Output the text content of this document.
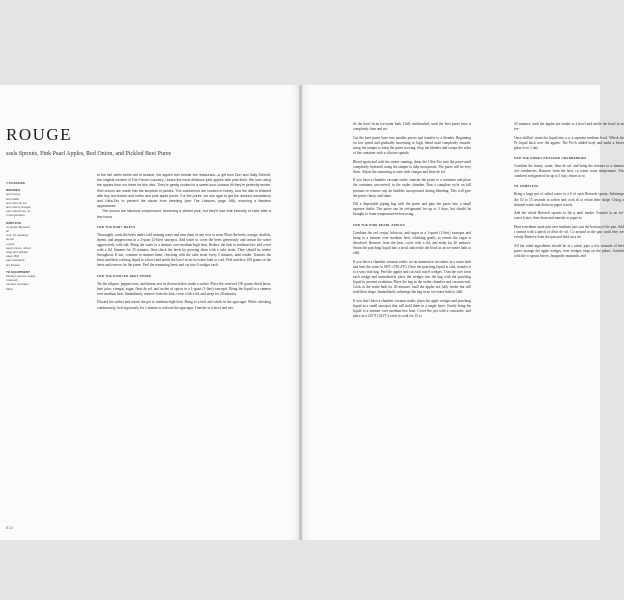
ROUGE

ssels Sprouts, Pink Pearl Apples, Red Onion, and Pickled Beet Puree

Y-POACHED
BERRIES
ams honey
ams water
ams fleur de sel
ams sherry vinegar
esh cranberries, at
m temperature
OMPLETE
ny purple Brussels
sh
d oil, for sautéing
de sel
e juice
pearl onions, sliced
rings and pickled
page 184)
ealy amaranth
ary flowers
TE EQUIPMENT
hamber vacuum sealer
(manual)
mersion circulator
bath)

In the fall, when beets are in season, the apples free beside the restaurant—a gift from Don and Sally Schmitt, the original owners of The French Laundry—bears the most delicious pink apples with pink flesh. We love using the apples from our trees for this dish. They're gently cooked in a sweet-sour cuisson till they're perfectly tender. Red onions are made into the simplest of pickles. The cranberries are cooked in honey, and the dish is finished with tiny red leaves and herbs and pink apple puree. For the puree, we use agar to get the desired consistency and Ultra-Tex to prevent the sauce from bleeding (see The Liaisons, page 198), ensuring a flawless appearance.

The onions are fabulous compressed, becoming a vibrant pink, but they'll lose that intensity of color after a few hours.

FOR THE RUBY BEETS

Thoroughly wash the beets under cold running water and trim them of any root or stem. Place the beets, orange, shallots, thyme, and peppercorns in a 2-quart (2-liter) saucepot. Add water to cover the beets generously and season the water aggressively with salt. Bring the water to a simmer over medium-high heat. Reduce the heat to medium-low and cover with a lid. Simmer for 25 minutes, then check the beets by piercing them with a cake tester. They should be tender throughout. If not, continue to simmer them, checking with the cake tester every 5 minutes, until tender. Transfer the beets and their cooking liquid to a bowl and nestle the bowl in an ice-water bath to cool. Peel and dice 100 grams of the beets and reserve for the puree. Peel the remaining beets and cut into 6 wedges each.

FOR THE PICKLED BEET PUREE

Tie the allspice, peppercorns, and lemon zest in cheesecloth to make a sachet. Place the reserved 100 grams diced beets, beet juice, vinegar, sugar, fleur de sel, and sachet of spices in a 1-quart (1-liter) saucepot. Bring the liquid to a simmer over medium heat. Immediately remove from the heat, cover with a lid, and steep for 20 minutes.

Discard the sachet and return the pot to medium-high heat. Bring to a boil and whisk in the agar-agar. While whisking continuously, boil vigorously for 1 minute to activate the agar-agar. Transfer to a bowl and nes-

8 10

tle the bowl in an ice-water bath. Chill, undisturbed, until the beet puree base is completely firm and set.

Cut the beet puree base into smaller pieces and transfer to a blender. Beginning on low speed and gradually increasing to high, blend until completely smooth, using the tamper to keep the puree moving. Stop the blender and scrape the sides of the container with a silicone spatula.

Blend again and with the motor running, shear the Ultra-Tex into the puree until completely hydrated, using the tamper to help incorporate. The puree will be very thick. Adjust the seasoning to taste with vinegar and fleur de sel.

If you have a chamber vacuum sealer, transfer the puree to a container and place the container, uncovered, in the sealer chamber. Run a complete cycle on full pressure to remove any air bubbles incorporated during blending. This will give the puree clarity and shine.

Fill a disposable piping bag with the puree and pipe the puree into a small squeeze bottle. The puree can be refrigerated for up to 2 days, but should be brought to room temperature before using.

FOR THE PINK PEARL APPLES

Combine the red verjus, hibiscus, and sugar in a 1-quart (1-liter) saucepot and bring to a simmer over medium heat, whisking gently to ensure the sugar is dissolved. Remove from the heat, cover with a lid, and steep for 20 minutes. Strain the poaching liquid into a bowl and nestle the bowl in an ice-water bath to chill.

If you have a chamber vacuum sealer, set an immersion circulator in a water bath and heat the water to 88°C (190.4°F). Once the poaching liquid is cold, transfer it to a sous vide bag. Peel the apples and cut each into 8 wedges. Trim the core from each wedge and immediately place the wedges into the bag with the poaching liquid to prevent oxidation. Place the bag in the sealer chamber and vacuum seal. Cook in the water bath for 20 minutes, until the apples are fully tender but still hold their shape. Immediately submerge the bag in an ice-water bath to chill.

If you don't have a chamber vacuum sealer, place the apple wedges and poaching liquid in a small saucepot that will hold them in a single layer. Gently bring the liquid to a simmer over medium-low heat. Cover the pot with a cartouche, and place in a 325°F (163°C) oven to cook for 15 to

20 minutes, until the apples are tender to a bowl and nestle the bowl in an ice-

Once chilled, strain the liquid into a w a separate medium bowl. Whisk the Pe liquid back over the apples. The Pre-b added body and make a better glaze fo to 1 day.

FOR THE HONEY-POACHED CRANBERRIES

Combine the honey, water, fleur de sel, and bring the mixture to a simmer ove cranberries. Remove from the heat, co warm room temperature. The cranberri refrigerated for up to 1 day; return to ro

TO COMPLETE

Bring a large pot of salted water to a b of each Brussels sprout. Submerge the 10 to 15 seconds to soften and cook th to retain their shape. Using a skimme water and drain on paper towels.

Add the whole Brussels sprouts to the p until tender. Transfer to an ice-water b utes, then drain and transfer to paper to

Heat a medium sauté pan over medium just coat the bottom of the pan. Add t season with a pinch of fleur de sel. Co around in the pan, until they are evenly Remove from the pan and hold on a tra

All the salad ingredients should be at r salad, pipe a few mounds of beet puree arrange the apple wedges, beet wedges rings on the plates. Garnish with the w sprout leaves, burgundy amaranth, and
